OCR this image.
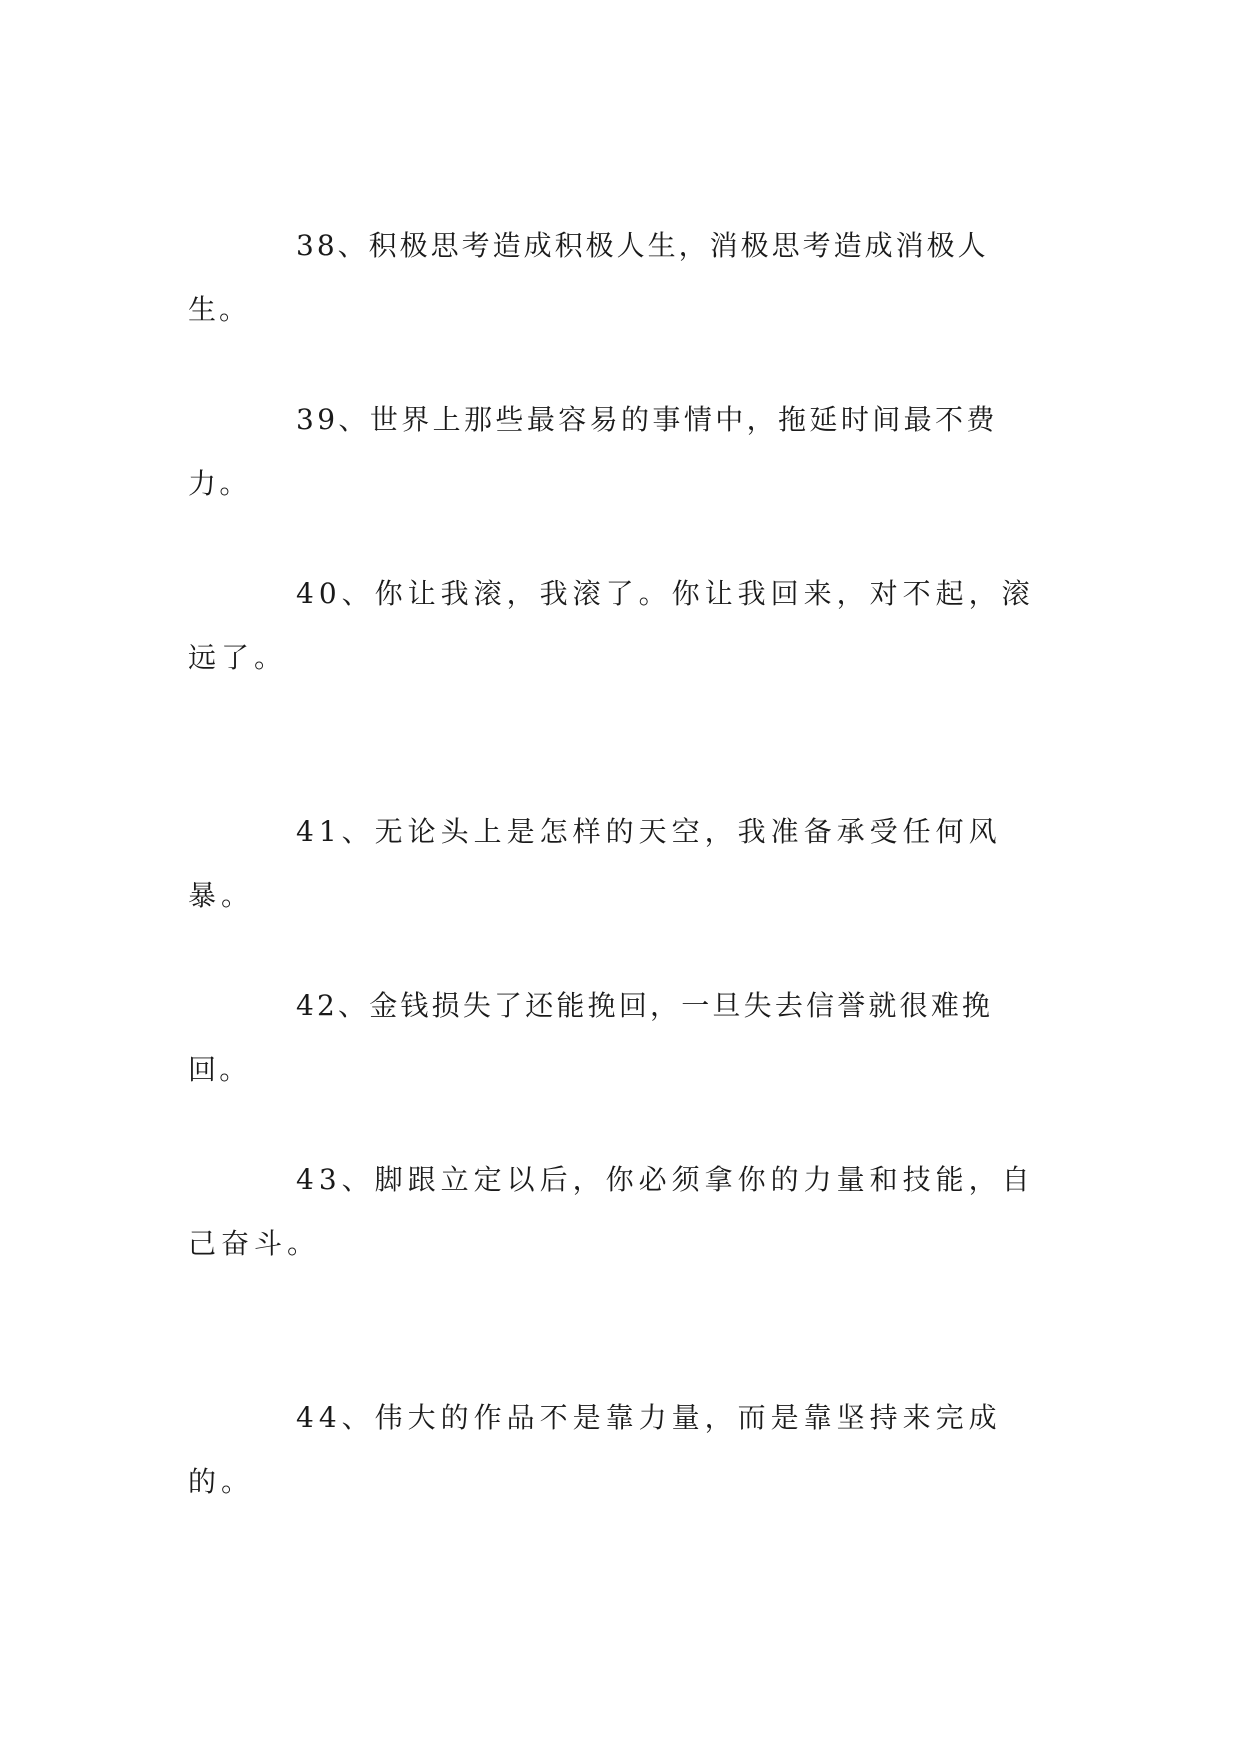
38、积极思考造成积极人生，消极思考造成消极人生。

39、世界上那些最容易的事情中，拖延时间最不费力。

40、你让我滚，我滚了。你让我回来，对不起，滚远了。

41、无论头上是怎样的天空，我准备承受任何风暴。

42、金钱损失了还能挽回，一旦失去信誉就很难挽回。

43、脚跟立定以后，你必须拿你的力量和技能，自己奋斗。

44、伟大的作品不是靠力量，而是靠坚持来完成的。
